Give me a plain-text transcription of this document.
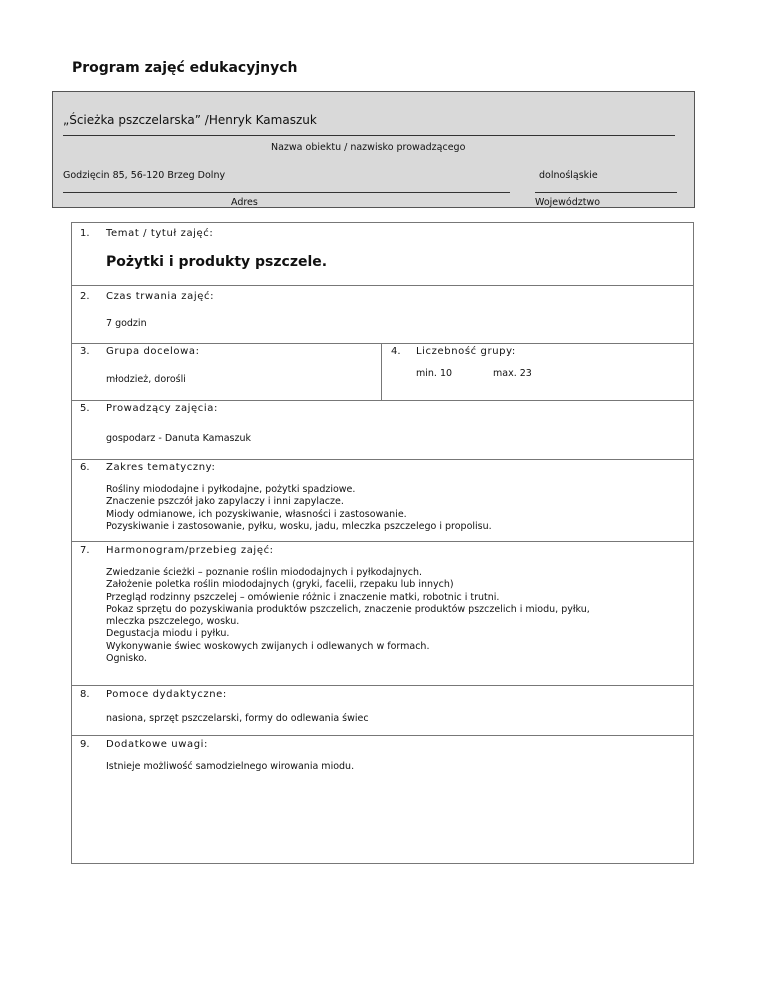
Program zajęć edukacyjnych
„Ścieżka pszczelarska” /Henryk Kamaszuk
Nazwa obiektu / nazwisko prowadzącego
Godzięcin 85, 56-120 Brzeg Dolny	dolnośląskie
Adres	Województwo
1. Temat / tytuł zajęć:
Pożytki i produkty pszczele.
2. Czas trwania zajęć:
7 godzin
3. Grupa docelowa:
młodzież, dorośli
4. Liczebność grupy:
min. 10	max. 23
5. Prowadzący zajęcia:
gospodarz - Danuta Kamaszuk
6. Zakres tematyczny:
Rośliny miododajne i pyłkodajne, pożytki spadziowe.
Znaczenie pszczół jako zapylaczy i inni zapylacze.
Miody odmianowe, ich pozyskiwanie, własności i zastosowanie.
Pozyskiwanie i zastosowanie, pyłku, wosku, jadu, mleczka pszczelego i propolisu.
7. Harmonogram/przebieg zajęć:
Zwiedzanie ścieżki – poznanie roślin miododajnych i pyłkodajnych.
Założenie poletka roślin miododajnych (gryki, facelii, rzepaku lub innych)
Przegląd rodzinny pszczelej – omówienie różnic i znaczenie matki, robotnic i trutni.
Pokaz sprzętu do pozyskiwania produktów pszczelich, znaczenie produktów pszczelich i miodu, pyłku,
mleczka pszczelego, wosku.
Degustacja miodu i pyłku.
Wykonywanie świec woskowych zwijanych i odlewanych w formach.
Ognisko.
8. Pomoce dydaktyczne:
nasiona, sprzęt pszczelarski, formy do odlewania świec
9. Dodatkowe uwagi:
Istnieje możliwość samodzielnego wirowania miodu.
